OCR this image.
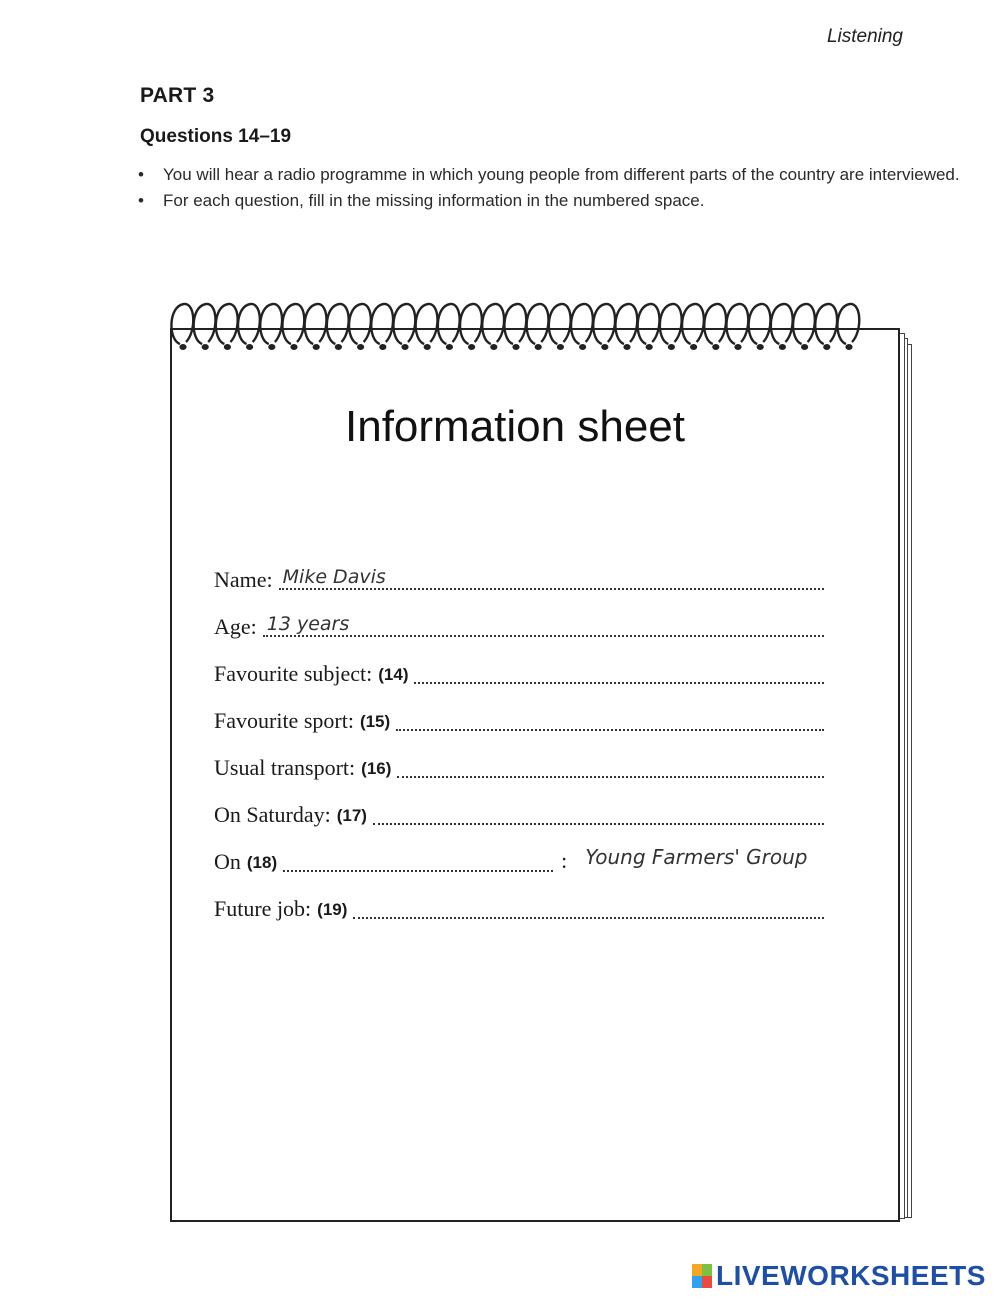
Listening
PART 3
Questions 14–19
• You will hear a radio programme in which young people from different parts of the country are interviewed.
• For each question, fill in the missing information in the numbered space.
Information sheet
Name: Mike Davis
Age: 13 years
Favourite subject: (14)
Favourite sport: (15)
Usual transport: (16)
On Saturday: (17)
On (18)	: Young Farmers' Group
Future job: (19)
LIVEWORKSHEETS
